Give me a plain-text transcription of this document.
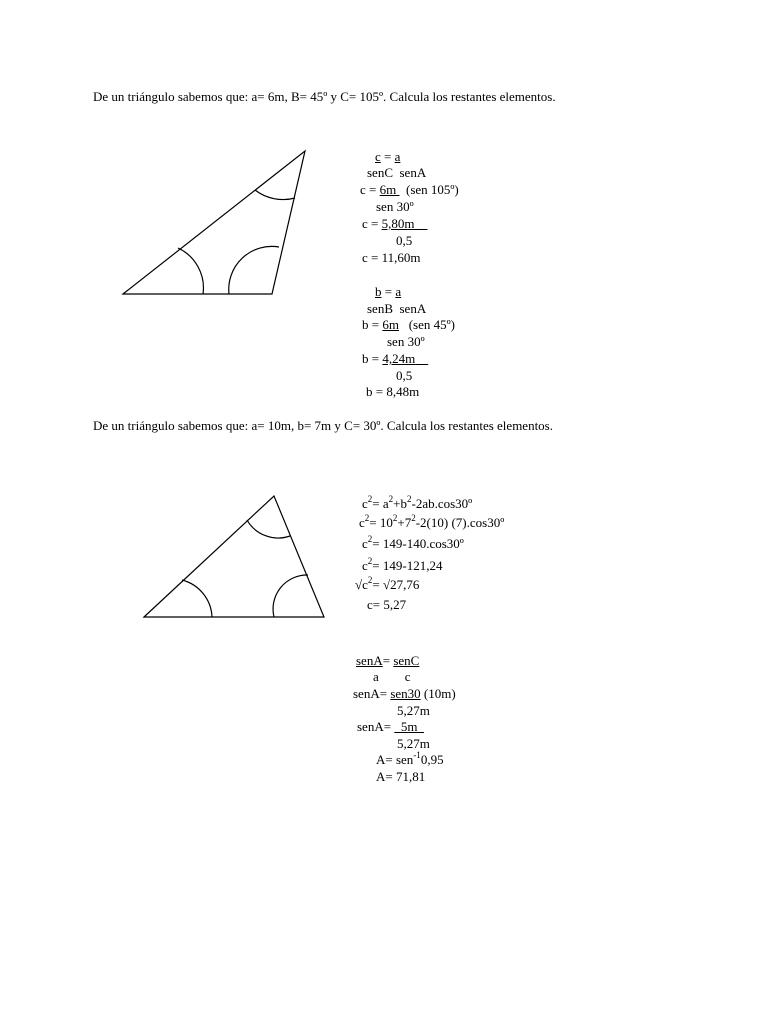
De un triángulo sabemos que: a= 6m, B= 45º y C= 105º. Calcula los restantes elementos.
c = a
senC  senA
c = 6m   (sen 105º)
sen 30º
c = 5,80m
0,5
c = 11,60m
b = a
senB  senA
b = 6m   (sen 45º)
sen 30º
b = 4,24m
0,5
b = 8,48m
De un triángulo sabemos que: a= 10m, b= 7m y C= 30º. Calcula los restantes elementos.
$c^2=$ $a^2+b^2-2ab.\cos 30º$
$c^2= 10^2+7^2-2(10)$ (7).cos30º
$c^2=$ 149-140.cos30º
$c^2= 149-121,24$
$√c^2= √27,76$
c= 5,27
senA= senC
a        c
senA= sen30 (10m)
5,27m
senA=   5m
5,27m
A= sen$^{-1}$0,95
A= 71,81
